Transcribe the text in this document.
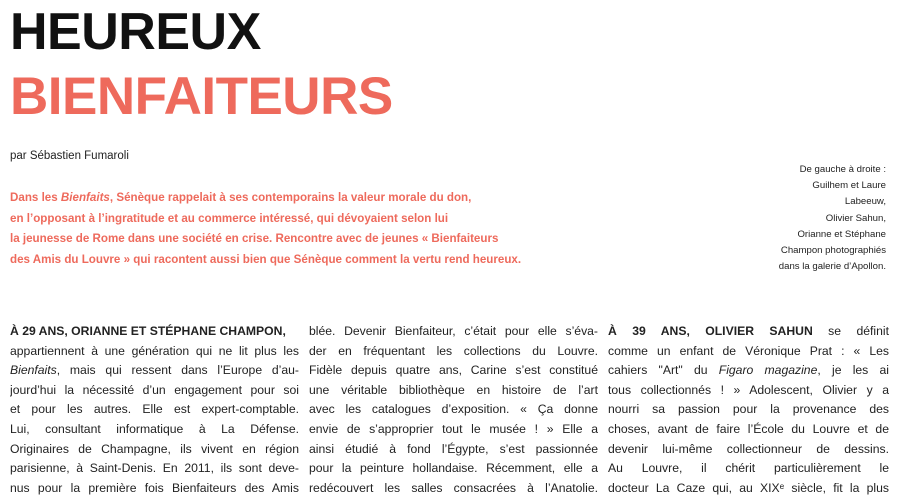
HEUREUX
BIENFAITEURS
par Sébastien Fumaroli
Dans les Bienfaits, Sénèque rappelait à ses contemporains la valeur morale du don,
en l’opposant à l’ingratitude et au commerce intéressé, qui dévoyaient selon lui
la jeunesse de Rome dans une société en crise. Rencontre avec de jeunes « Bienfaiteurs
des Amis du Louvre » qui racontent aussi bien que Sénèque comment la vertu rend heureux.
De gauche à droite :
Guilhem et Laure
Labeeuw,
Olivier Sahun,
Orianne et Stéphane
Champon photographiés
dans la galerie d’Apollon.
À 29 ANS, ORIANNE ET STÉPHANE CHAMPON,
appartiennent à une génération qui ne lit plus les
Bienfaits, mais qui ressent dans l’Europe d’au-
jourd’hui la nécessité d’un engagement pour soi
et pour les autres. Elle est expert-comptable.
Lui, consultant informatique à La Défense.
Originaires de Champagne, ils vivent en région
parisienne, à Saint-Denis. En 2011, ils sont deve-
nus pour la première fois Bienfaiteurs des Amis
blée. Devenir Bienfaiteur, c’était pour elle s’éva-
der en fréquentant les collections du Louvre.
Fidèle depuis quatre ans, Carine s’est constitué
une véritable bibliothèque en histoire de l’art
avec les catalogues d’exposition. « Ça donne
envie de s’approprier tout le musée ! » Elle a
ainsi étudié à fond l’Égypte, s’est passionnée
pour la peinture hollandaise. Récemment, elle a
redécouvert les salles consacrées à l’Anatolie.
À 39 ANS, OLIVIER SAHUN se définit
comme un enfant de Véronique Prat : « Les
cahiers "Art" du Figaro magazine, je les ai
tous collectionnés ! » Adolescent, Olivier y a
nourri sa passion pour la provenance des
choses, avant de faire l’École du Louvre et de
devenir lui-même collectionneur de dessins.
Au Louvre, il chérit particulièrement le
docteur La Caze qui, au XIXᵉ siècle, fit la plus
